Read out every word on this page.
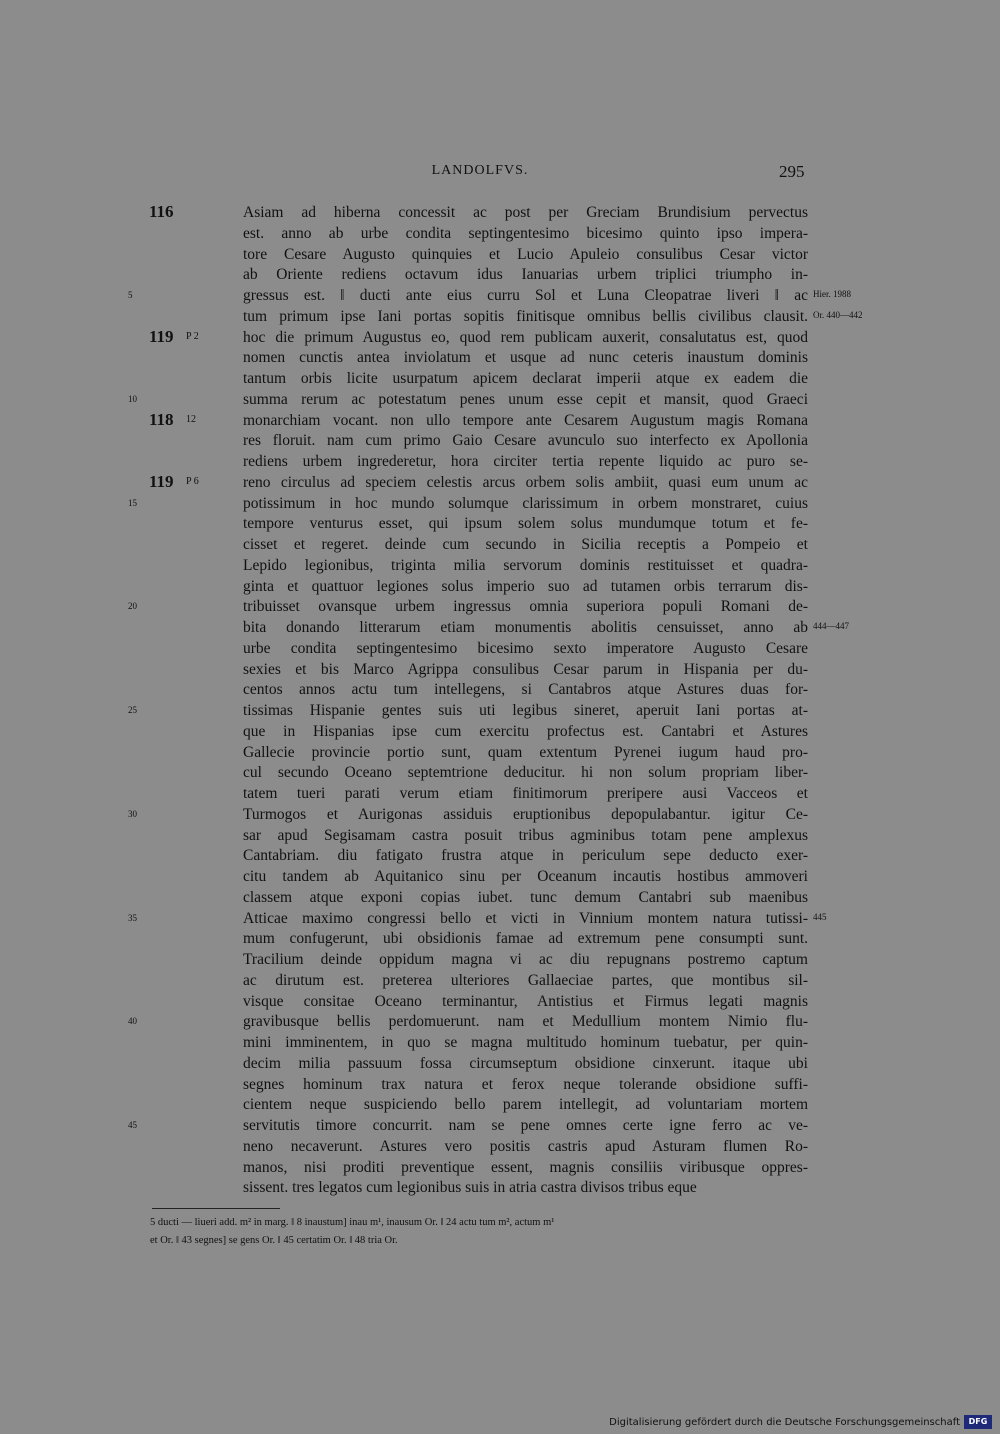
LANDOLFVS.	295
116	Asiam ad hiberna concessit ac post per Greciam Brundisium pervectus
est. anno ab urbe condita septingentesimo bicesimo quinto ipso impera-
tore Cesare Augusto quinquies et Lucio Apuleio consulibus Cesar victor
ab Oriente rediens octavum idus Ianuarias urbem triplici triumpho in-
5	gressus est. ‖ ducti ante eius curru Sol et Luna Cleopatrae liveri ‖ ac Hier. 1988
tum primum ipse Iani portas sopitis finitisque omnibus bellis civilibus clausit. Or. 440—442
119 P 2	hoc die primum Augustus eo, quod rem publicam auxerit, consalutatus est, quod
nomen cunctis antea inviolatum et usque ad nunc ceteris inaustum dominis
tantum orbis licite usurpatum apicem declarat imperii atque ex eadem die
10	summa rerum ac potestatum penes unum esse cepit et mansit, quod Graeci
118 12	monarchiam vocant. non ullo tempore ante Cesarem Augustum magis Romana
res floruit. nam cum primo Gaio Cesare avunculo suo interfecto ex Apollonia
rediens urbem ingrederetur, hora circiter tertia repente liquido ac puro se-
119 P 6	reno circulus ad speciem celestis arcus orbem solis ambiit, quasi eum unum ac
15	potissimum in hoc mundo solumque clarissimum in orbem monstraret, cuius
tempore venturus esset, qui ipsum solem solus mundumque totum et fe-
cisset et regeret. deinde cum secundo in Sicilia receptis a Pompeio et
Lepido legionibus, triginta milia servorum dominis restituisset et quadra-
ginta et quattuor legiones solus imperio suo ad tutamen orbis terrarum dis-
20	tribuisset ovansque urbem ingressus omnia superiora populi Romani de-
bita donando litterarum etiam monumentis abolitis censuisset, anno ab 444—447
urbe condita septingentesimo bicesimo sexto imperatore Augusto Cesare
sexies et bis Marco Agrippa consulibus Cesar parum in Hispania per du-
centos annos actu tum intellegens, si Cantabros atque Astures duas for-
25	tissimas Hispanie gentes suis uti legibus sineret, aperuit Iani portas at-
que in Hispanias ipse cum exercitu profectus est. Cantabri et Astures
Gallecie provincie portio sunt, quam extentum Pyrenei iugum haud pro-
cul secundo Oceano septemtrione deducitur. hi non solum propriam liber-
tatem tueri parati verum etiam finitimorum preripere ausi Vacceos et
30	Turmogos et Aurigonas assiduis eruptionibus depopulabantur. igitur Ce-
sar apud Segisamam castra posuit tribus agminibus totam pene amplexus
Cantabriam. diu fatigato frustra atque in periculum sepe deducto exer-
citu tandem ab Aquitanico sinu per Oceanum incautis hostibus ammoveri
classem atque exponi copias iubet. tunc demum Cantabri sub maenibus
35	Atticae maximo congressi bello et victi in Vinnium montem natura tutissi- 445
mum confugerunt, ubi obsidionis famae ad extremum pene consumpti sunt.
Tracilium deinde oppidum magna vi ac diu repugnans postremo captum
ac dirutum est. preterea ulteriores Gallaeciae partes, que montibus sil-
visque consitae Oceano terminantur, Antistius et Firmus legati magnis
40	gravibusque bellis perdomuerunt. nam et Medullium montem Nimio flu-
mini imminentem, in quo se magna multitudo hominum tuebatur, per quin-
decim milia passuum fossa circumseptum obsidione cinxerunt. itaque ubi
segnes hominum trax natura et ferox neque tolerande obsidione suffi-
cientem neque suspiciendo bello parem intellegit, ad voluntariam mortem
45	servitutis timore concurrit. nam se pene omnes certe igne ferro ac ve-
neno necaverunt. Astures vero positis castris apud Asturam flumen Ro-
manos, nisi proditi preventique essent, magnis consiliis viribusque oppres-
sissent. tres legatos cum legionibus suis in atria castra divisos tribus eque
5 ducti — liueri add. m² in marg. ‖ 8 inaustum] inau m¹, inausum Or. ‖ 24 actu tum m², actum m¹
et Or. ‖ 43 segnes] se gens Or. ‖ 45 certatim Or. ‖ 48 tria Or.
Digitalisierung gefördert durch die Deutsche Forschungsgemeinschaft	DFG
